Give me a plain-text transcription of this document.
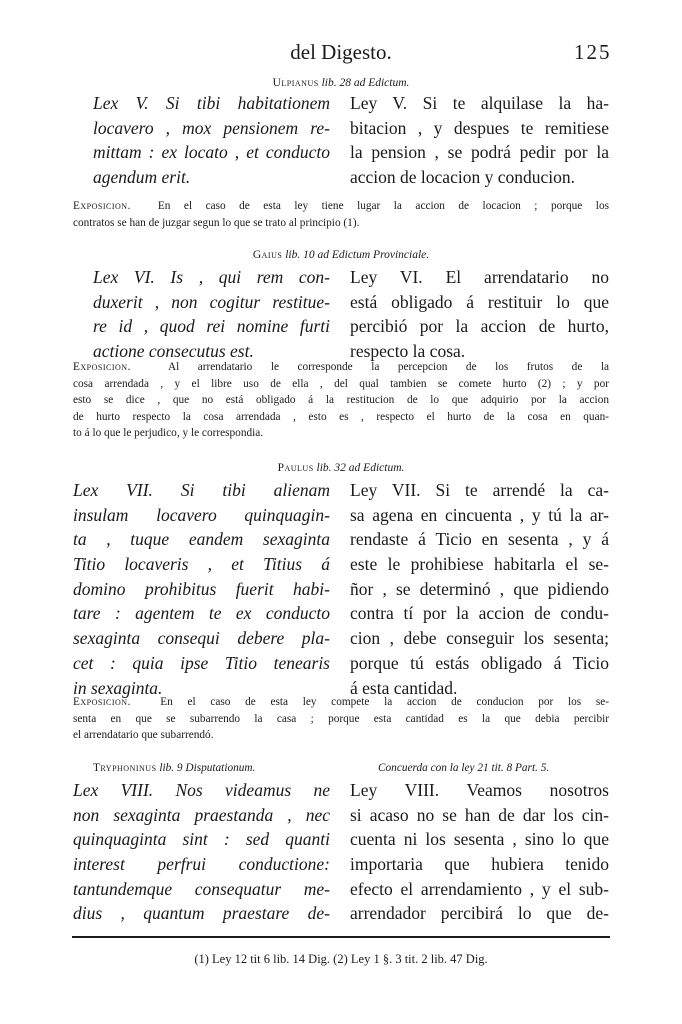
del Digesto.	125
Ulpianus lib. 28 ad Edictum.
Lex V. Si tibi habitationem
locavero , mox pensionem re-
mittam : ex locato , et conducto
agendum erit.
Ley V. Si te alquilase la ha-
bitacion , y despues te remitiese
la pension , se podrá pedir por la
accion de locacion y conducion.
Exposicion. En el caso de esta ley tiene lugar la accion de locacion ; porque los
contratos se han de juzgar segun lo que se trato al principio (1).
Gaius lib. 10 ad Edictum Provinciale.
Lex VI. Is , qui rem con-
duxerit , non cogitur restitue-
re id , quod rei nomine furti
actione consecutus est.
Ley VI. El arrendatario no
está obligado á restituir lo que
percibió por la accion de hurto,
respecto la cosa.
Exposicion.	Al arrendatario le corresponde la percepcion de los frutos de la
cosa arrendada , y el libre uso de ella , del qual tambien se comete hurto (2) ; y por
esto se dice , que no está obligado á la restitucion de lo que adquirio por la accion
de hurto respecto la cosa arrendada , esto es , respecto el hurto de la cosa en quan-
to á lo que le perjudico, y le correspondia.
Paulus lib. 32 ad Edictum.
Lex VII. Si tibi alienam
insulam locavero quinquagin-
ta , tuque eandem sexaginta
Titio locaveris , et Titius á
domino prohibitus fuerit habi-
tare : agentem te ex conducto
sexaginta consequi debere pla-
cet : quia ipse Titio tenearis
in sexaginta.
Ley VII. Si te arrendé la ca-
sa agena en cincuenta , y tú la ar-
rendaste á Ticio en sesenta , y á
este le prohibiese habitarla el se-
ñor , se determinó , que pidiendo
contra tí por la accion de condu-
cion , debe conseguir los sesenta;
porque tú estás obligado á Ticio
á esta cantidad.
Exposicion.	En el caso de esta ley compete la accion de conducion por los se-
senta en que se subarrendo la casa ; porque esta cantidad es la que debia percibir
el arrendatario que subarrendó.
Tryphoninus lib. 9 Disputationum.	Concuerda con la ley 21 tit. 8 Part. 5.
Lex VIII. Nos videamus ne
non sexaginta praestanda , nec
quinquaginta sint : sed quanti
interest perfrui conductione:
tantundemque consequatur me-
dius , quantum praestare de-
Ley VIII. Veamos nosotros
si acaso no se han de dar los cin-
cuenta ni los sesenta , sino lo que
importaria que hubiera tenido
efecto el arrendamiento , y el sub-
arrendador percibirá lo que de-
(1) Ley 12 tit 6 lib. 14 Dig. (2) Ley 1 §. 3 tit. 2 lib. 47 Dig.
